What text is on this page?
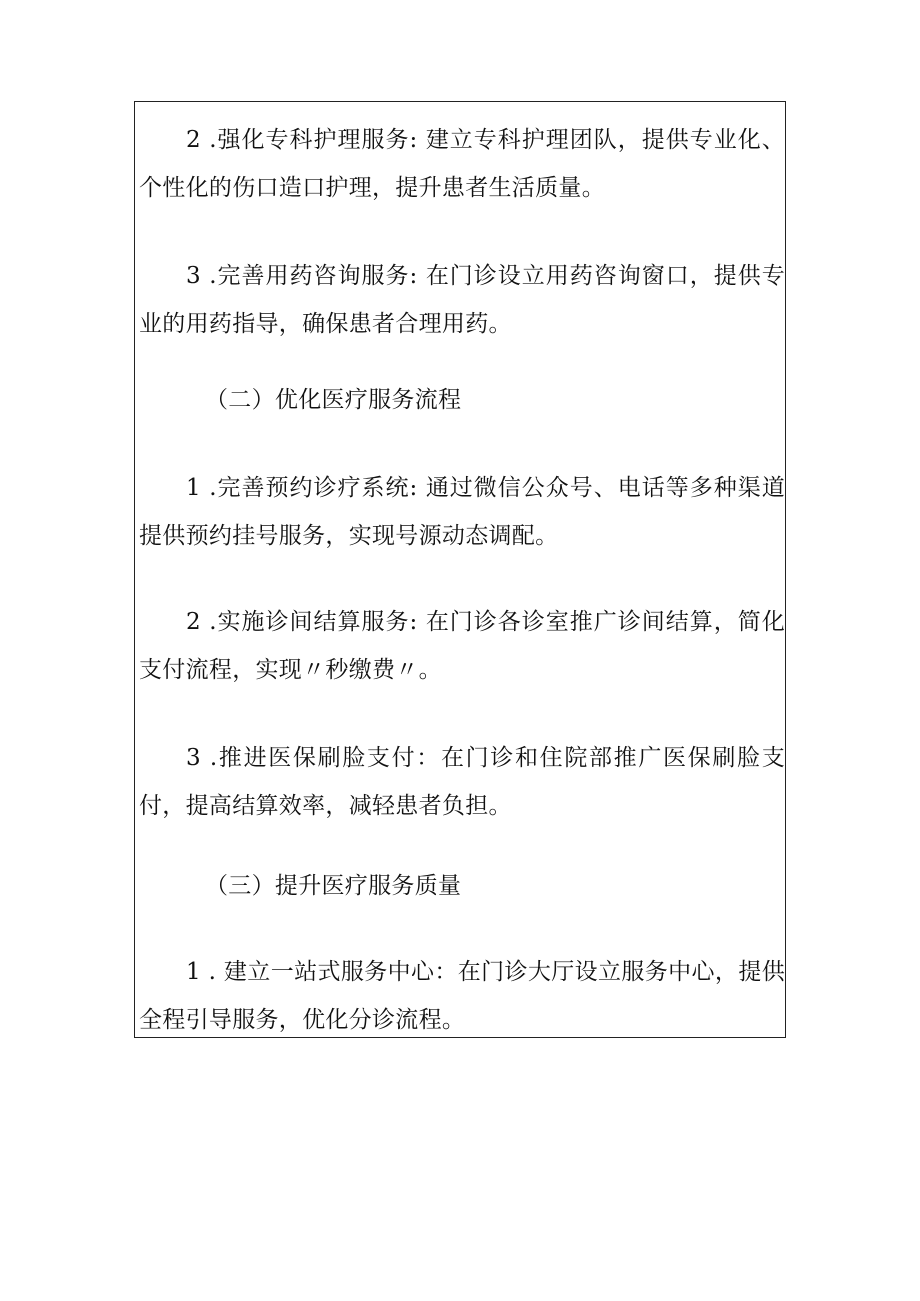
2 .强化专科护理服务: 建立专科护理团队，提供专业化、个性化的伤口造口护理，提升患者生活质量。

3 .完善用药咨询服务: 在门诊设立用药咨询窗口，提供专业的用药指导，确保患者合理用药。

（二）优化医疗服务流程

1 .完善预约诊疗系统: 通过微信公众号、电话等多种渠道提供预约挂号服务，实现号源动态调配。

2 .实施诊间结算服务: 在门诊各诊室推广诊间结算，简化支付流程，实现〃秒缴费〃。

3 .推进医保刷脸支付：在门诊和住院部推广医保刷脸支付，提高结算效率，减轻患者负担。

（三）提升医疗服务质量

1 . 建立一站式服务中心：在门诊大厅设立服务中心，提供全程引导服务，优化分诊流程。
